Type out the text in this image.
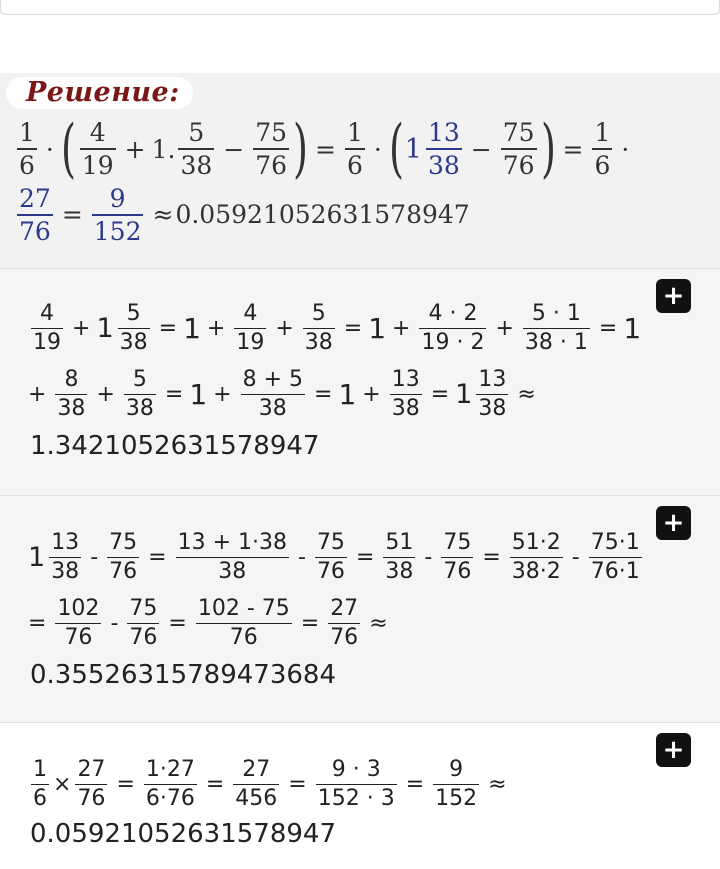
Решение:
$\frac{1}{6}$ · ( $\frac{4}{19} + 1$. $\frac{5}{38} - \frac{75}{76}$ ) = $\frac{1}{6}$ · ( $1 \frac{13}{38} - \frac{75}{76}$ ) = $\frac{1}{6}$ ·
$\frac{27}{76} = \frac{9}{152} \approx 0.05921052631578947$
+
$\frac{4}{19} + 1 \frac{5}{38} = 1 + \frac{4}{19} + \frac{5}{38} = 1 + \frac{4 \cdot 2}{19 \cdot 2} + \frac{5 \cdot 1}{38 \cdot 1} = 1$
+ $\frac{8}{38} + \frac{5}{38} = 1 + \frac{8 + 5}{38} = 1 + \frac{13}{38} = 1 \frac{13}{38}$ ≈
1.3421052631578947
+
$1 \frac{13}{38} - \frac{75}{76} = \frac{13 + 1\cdot 38}{38} - \frac{75}{76} = \frac{51}{38} - \frac{75}{76} = \frac{51\cdot 2}{38\cdot 2} - \frac{75\cdot 1}{76\cdot 1}$
= $\frac{102}{76} - \frac{75}{76} = \frac{102 - 75}{76} = \frac{27}{76}$ ≈
0.35526315789473684
+
$\frac{1}{6} \times \frac{27}{76} = \frac{1\cdot 27}{6\cdot 76} = \frac{27}{456} = \frac{9 \cdot 3}{152 \cdot 3} = \frac{9}{152}$ ≈
0.05921052631578947
